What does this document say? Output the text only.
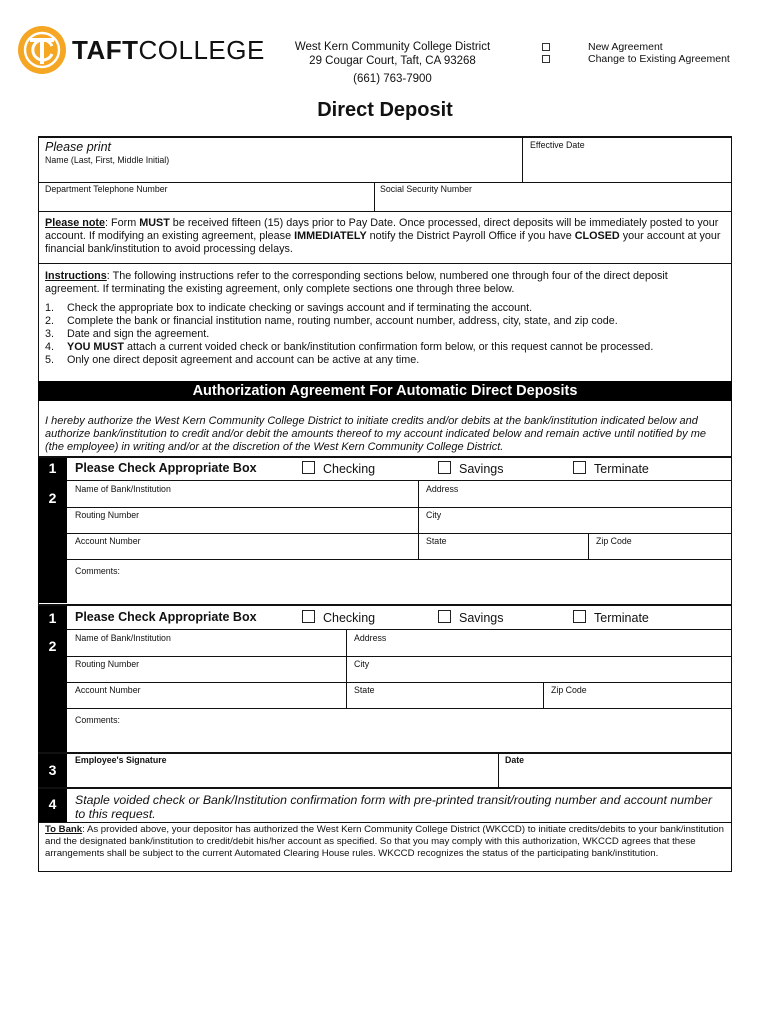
TAFTCOLLEGE	West Kern Community College District
29 Cougar Court, Taft, CA 93268
(661) 763-7900
New Agreement
Change to Existing Agreement
Direct Deposit
Please print
Name (Last, First, Middle Initial)
Effective Date
Department Telephone Number	Social Security Number
Please note: Form MUST be received fifteen (15) days prior to Pay Date. Once processed, direct deposits will be immediately posted to your account. If modifying an existing agreement, please IMMEDIATELY notify the District Payroll Office if you have CLOSED your account at your financial bank/institution to avoid processing delays.
Instructions: The following instructions refer to the corresponding sections below, numbered one through four of the direct deposit agreement. If terminating the existing agreement, only complete sections one through three below.
1.	Check the appropriate box to indicate checking or savings account and if terminating the account.
2.	Complete the bank or financial institution name, routing number, account number, address, city, state, and zip code.
3.	Date and sign the agreement.
4.	YOU MUST attach a current voided check or bank/institution confirmation form below, or this request cannot be processed.
5.	Only one direct deposit agreement and account can be active at any time.
Authorization Agreement For Automatic Direct Deposits
I hereby authorize the West Kern Community College District to initiate credits and/or debits at the bank/institution indicated below and authorize bank/institution to credit and/or debit the amounts thereof to my account indicated below and remain active until notified by me (the employee) in writing and/or at the discretion of the West Kern Community College District.
1
2
Please Check Appropriate Box	Checking	Savings	Terminate
Name of Bank/Institution	Address
Routing Number	City
Account Number	State	Zip Code
Comments:
1
2
Please Check Appropriate Box	Checking	Savings	Terminate
Name of Bank/Institution	Address
Routing Number	City
Account Number	State	Zip Code
Comments:
3
Employee's Signature	Date
4	Staple voided check or Bank/Institution confirmation form with pre-printed transit/routing number and account number to this request.
To Bank: As provided above, your depositor has authorized the West Kern Community College District (WKCCD) to initiate credits/debits to your bank/institution and the designated bank/institution to credit/debit his/her account as specified. So that you may comply with this authorization, WKCCD agrees that these arrangements shall be subject to the current Automated Clearing House rules. WKCCD recognizes the status of the participating bank/institution.
